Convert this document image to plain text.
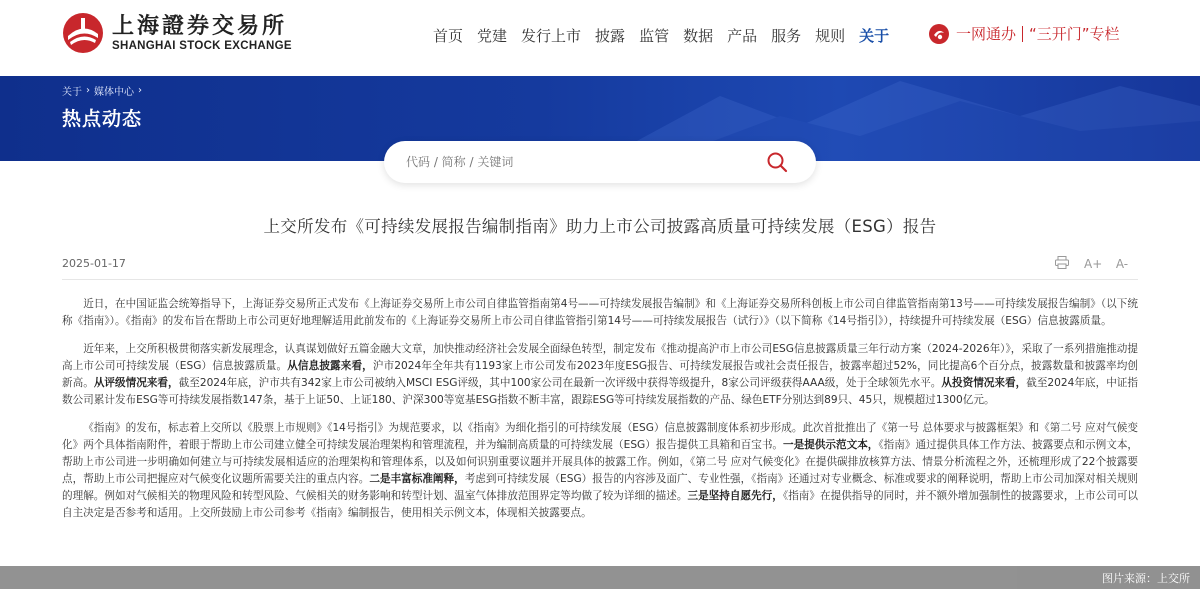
上海證券交易所
SHANGHAI STOCK EXCHANGE
首页 党建 发行上市 披露 监管 数据 产品 服务 规则 关于	一网通办 “三开门”专栏
关于 › 媒体中心 ›
热点动态
代码 / 简称 / 关键词
上交所发布《可持续发展报告编制指南》助力上市公司披露高质量可持续发展（ESG）报告
2025-01-17	A+ A-

近日，在中国证监会统筹指导下，上海证券交易所正式发布《上海证券交易所上市公司自律监管指南第4号——可持续发展报告编制》和《上海证券交易所科创板上市公司自律监管指南第13号——可持续发展报告编制》（以下统称《指南》）。《指南》的发布旨在帮助上市公司更好地理解适用此前发布的《上海证券交易所上市公司自律监管指引第14号——可持续发展报告（试行）》（以下简称《14号指引》），持续提升可持续发展（ESG）信息披露质量。

近年来，上交所积极贯彻落实新发展理念，认真谋划做好五篇金融大文章，加快推动经济社会发展全面绿色转型，制定发布《推动提高沪市上市公司ESG信息披露质量三年行动方案（2024-2026年）》，采取了一系列措施推动提高上市公司可持续发展（ESG）信息披露质量。从信息披露来看，沪市2024年全年共有1193家上市公司发布2023年度ESG报告、可持续发展报告或社会责任报告，披露率超过52%，同比提高6个百分点，披露数量和披露率均创新高。从评级情况来看，截至2024年底，沪市共有342家上市公司被纳入MSCI ESG评级，其中100家公司在最新一次评级中获得等级提升，8家公司评级获得AAA级，处于全球领先水平。从投资情况来看，截至2024年底，中证指数公司累计发布ESG等可持续发展指数147条，基于上证50、上证180、沪深300等宽基ESG指数不断丰富，跟踪ESG等可持续发展指数的产品、绿色ETF分别达到89只、45只，规模超过1300亿元。

《指南》的发布，标志着上交所以《股票上市规则》《14号指引》为规范要求，以《指南》为细化指引的可持续发展（ESG）信息披露制度体系初步形成。此次首批推出了《第一号 总体要求与披露框架》和《第二号 应对气候变化》两个具体指南附件，着眼于帮助上市公司建立健全可持续发展治理架构和管理流程，并为编制高质量的可持续发展（ESG）报告提供工具箱和百宝书。一是提供示范文本，《指南》通过提供具体工作方法、披露要点和示例文本，帮助上市公司进一步明确如何建立与可持续发展相适应的治理架构和管理体系，以及如何识别重要议题并开展具体的披露工作。例如，《第二号 应对气候变化》在提供碳排放核算方法、情景分析流程之外，还梳理形成了22个披露要点，帮助上市公司把握应对气候变化议题所需要关注的重点内容。二是丰富标准阐释，考虑到可持续发展（ESG）报告的内容涉及面广、专业性强，《指南》还通过对专业概念、标准或要求的阐释说明，帮助上市公司加深对相关规则的理解。例如对气候相关的物理风险和转型风险、气候相关的财务影响和转型计划、温室气体排放范围界定等均做了较为详细的描述。三是坚持自愿先行，《指南》在提供指导的同时，并不额外增加强制性的披露要求，上市公司可以自主决定是否参考和适用。上交所鼓励上市公司参考《指南》编制报告，使用相关示例文本，体现相关披露要点。

图片来源：上交所
